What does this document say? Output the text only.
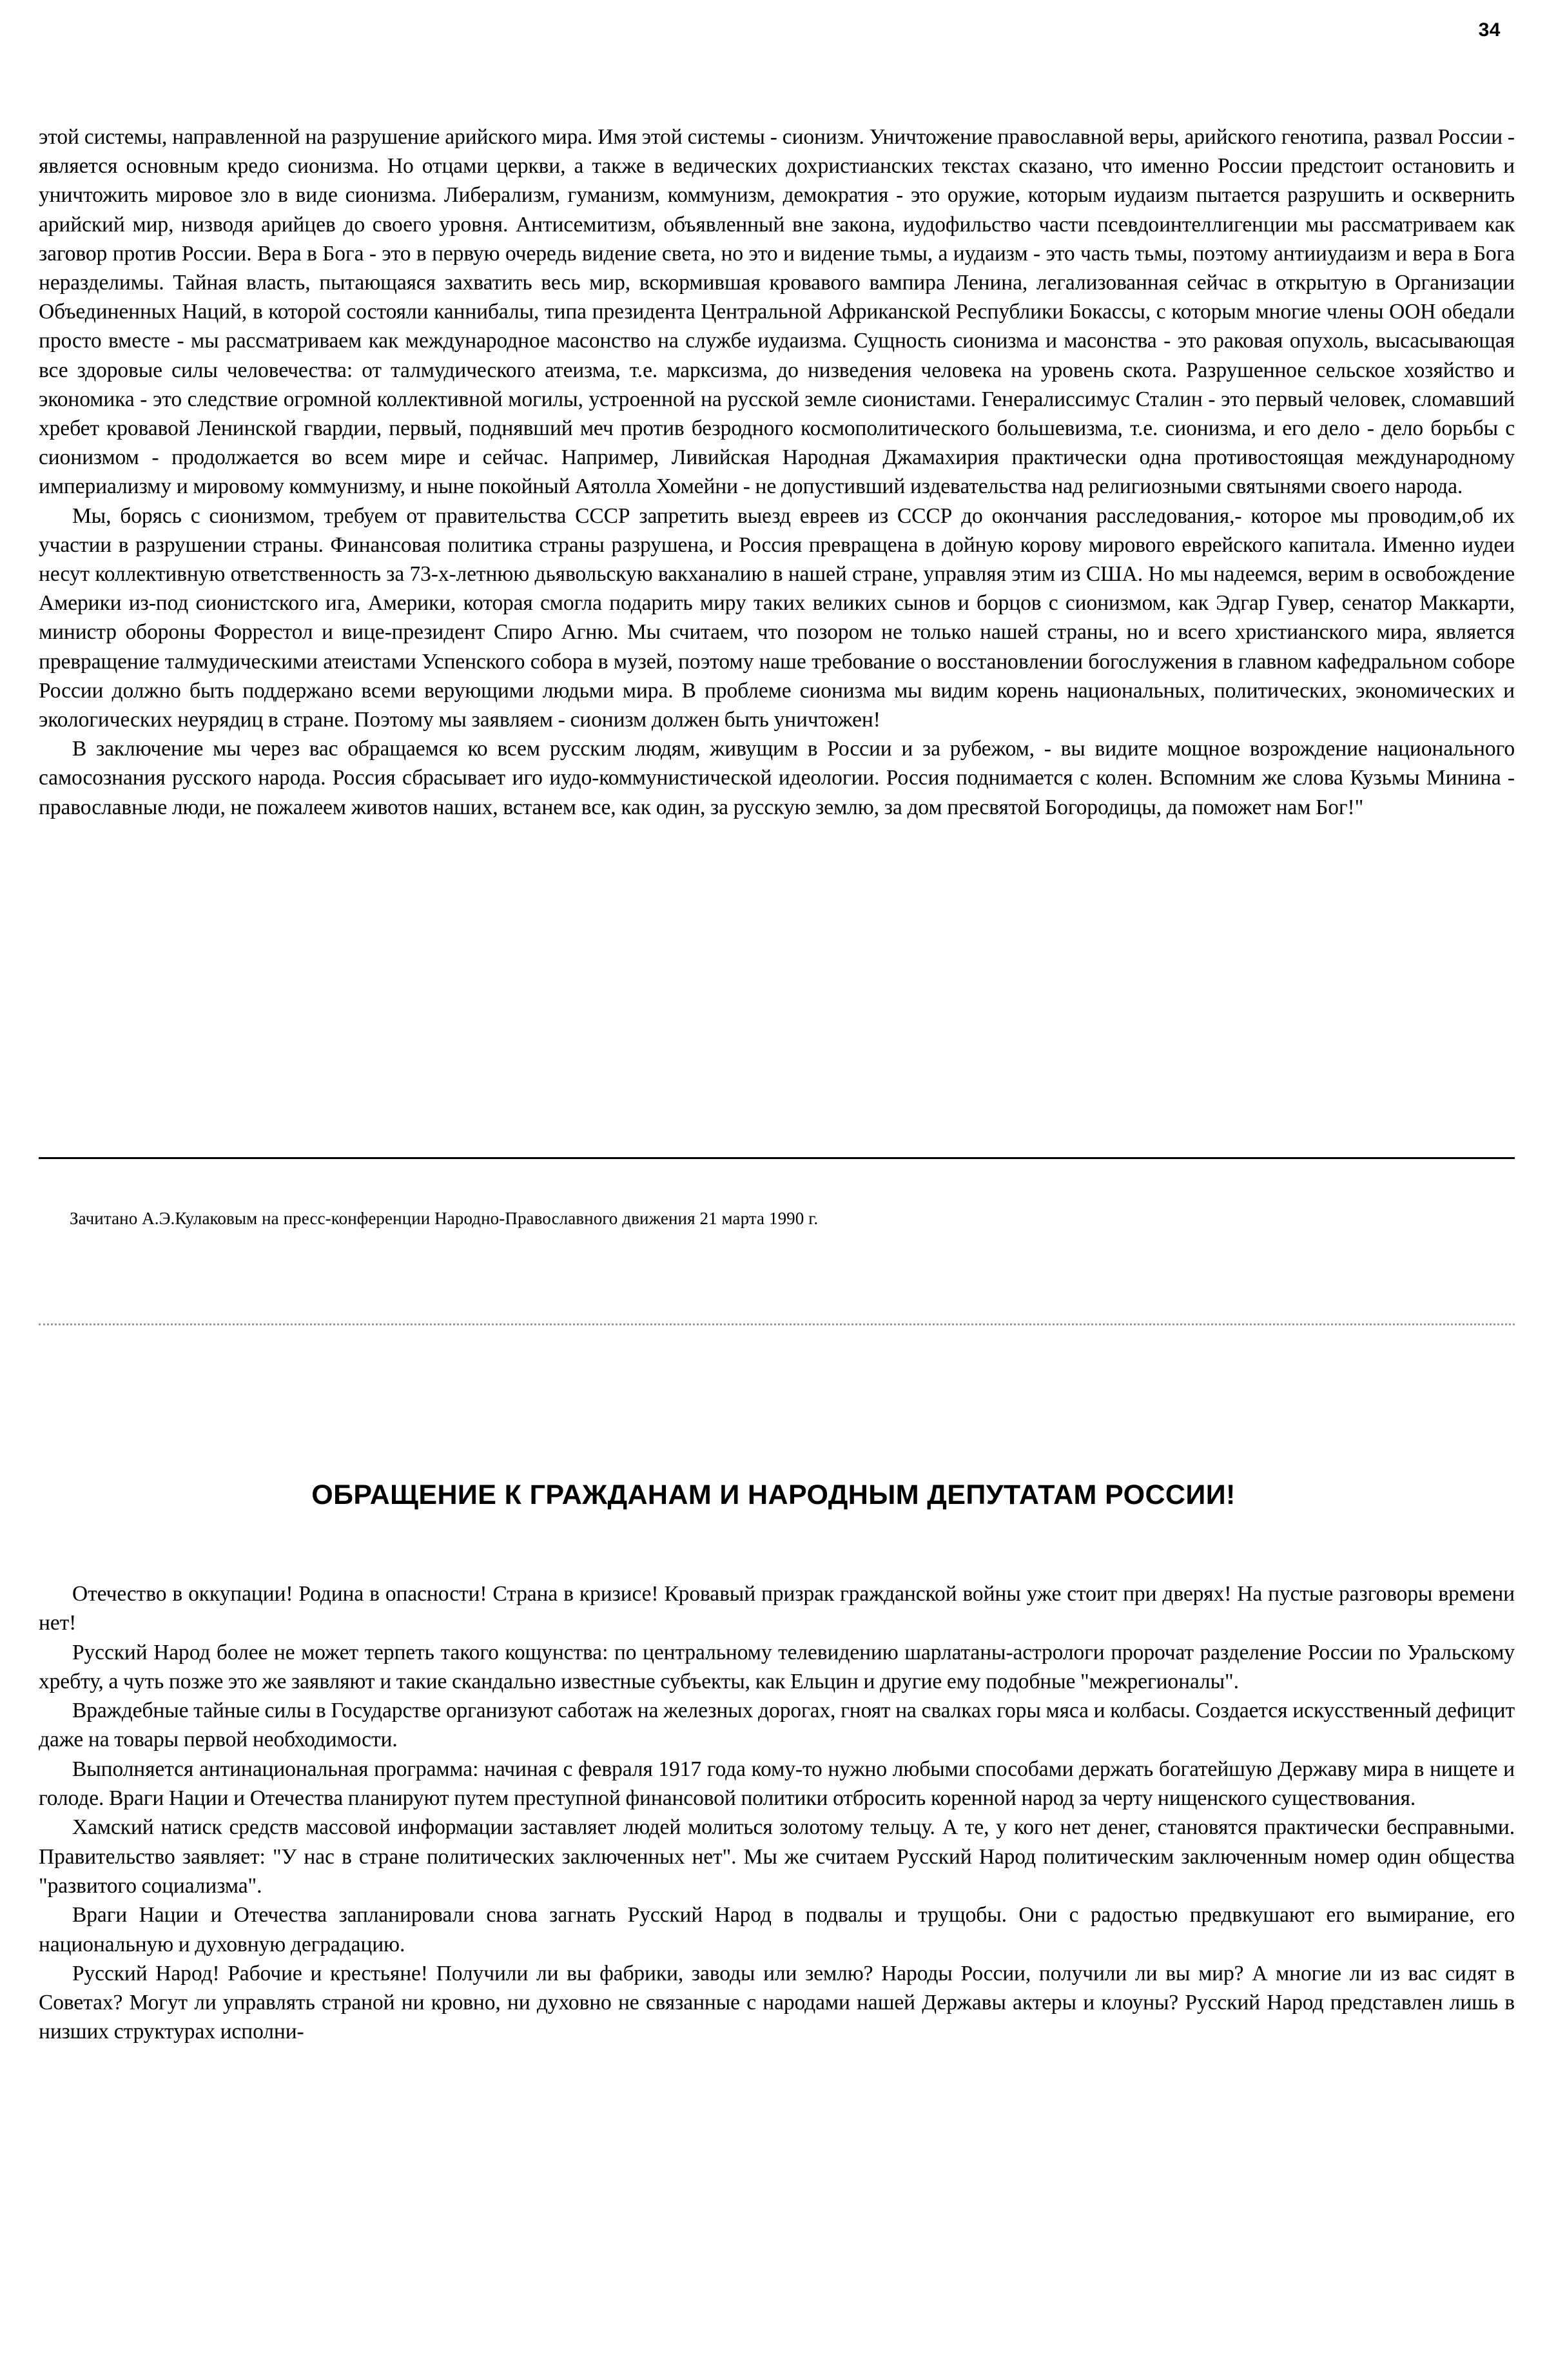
34

этой системы, направленной на разрушение арийского мира. Имя этой системы - сионизм. Уничтожение православной веры, арийского генотипа, развал России - является основным кредо сионизма. Но отцами церкви, а также в ведических дохристианских текстах сказано, что именно России предстоит остановить и уничтожить мировое зло в виде сионизма. Либерализм, гуманизм, коммунизм, демократия - это оружие, которым иудаизм пытается разрушить и осквернить арийский мир, низводя арийцев до своего уровня. Антисемитизм, объявленный вне закона, иудофильство части псевдоинтеллигенции мы рассматриваем как заговор против России. Вера в Бога - это в первую очередь видение света, но это и видение тьмы, а иудаизм - это часть тьмы, поэтому антииудаизм и вера в Бога неразделимы. Тайная власть, пытающаяся захватить весь мир, вскормившая кровавого вампира Ленина, легализованная сейчас в открытую в Организации Объединенных Наций, в которой состояли каннибалы, типа президента Центральной Африканской Республики Бокассы, с которым многие члены ООН обедали просто вместе - мы рассматриваем как международное масонство на службе иудаизма. Сущность сионизма и масонства - это раковая опухоль, высасывающая все здоровые силы человечества: от талмудического атеизма, т.е. марксизма, до низведения человека на уровень скота. Разрушенное сельское хозяйство и экономика - это следствие огромной коллективной могилы, устроенной на русской земле сионистами. Генералиссимус Сталин - это первый человек, сломавший хребет кровавой Ленинской гвардии, первый, поднявший меч против безродного космополитического большевизма, т.е. сионизма, и его дело - дело борьбы с сионизмом - продолжается во всем мире и сейчас. Например, Ливийская Народная Джамахирия практически одна противостоящая международному империализму и мировому коммунизму, и ныне покойный Аятолла Хомейни - не допустивший издевательства над религиозными святынями своего народа.

Мы, борясь с сионизмом, требуем от правительства СССР запретить выезд евреев из СССР до окончания расследования,- которое мы проводим,об их участии в разрушении страны. Финансовая политика страны разрушена, и Россия превращена в дойную корову мирового еврейского капитала. Именно иудеи несут коллективную ответственность за 73-х-летнюю дьявольскую вакханалию в нашей стране, управляя этим из США. Но мы надеемся, верим в освобождение Америки из-под сионистского ига, Америки, которая смогла подарить миру таких великих сынов и борцов с сионизмом, как Эдгар Гувер, сенатор Маккарти, министр обороны Форрестол и вице-президент Спиро Агню. Мы считаем, что позором не только нашей страны, но и всего христианского мира, является превращение талмудическими атеистами Успенского собора в музей, поэтому наше требование о восстановлении богослужения в главном кафедральном соборе России должно быть поддержано всеми верующими людьми мира. В проблеме сионизма мы видим корень национальных, политических, экономических и экологических неурядиц в стране. Поэтому мы заявляем - сионизм должен быть уничтожен!

В заключение мы через вас обращаемся ко всем русским людям, живущим в России и за рубежом, - вы видите мощное возрождение национального самосознания русского народа. Россия сбрасывает иго иудо-коммунистической идеологии. Россия поднимается с колен. Вспомним же слова Кузьмы Минина - православные люди, не пожалеем животов наших, встанем все, как один, за русскую землю, за дом пресвятой Богородицы, да поможет нам Бог!"

Зачитано А.Э.Кулаковым на пресс-конференции Народно-Православного движения 21 марта 1990 г.
ОБРАЩЕНИЕ К ГРАЖДАНАМ И НАРОДНЫМ ДЕПУТАТАМ РОССИИ!

Отечество в оккупации! Родина в опасности! Страна в кризисе! Кровавый призрак гражданской войны уже стоит при дверях! На пустые разговоры времени нет!

Русский Народ более не может терпеть такого кощунства: по центральному телевидению шарлатаны-астрологи пророчат разделение России по Уральскому хребту, а чуть позже это же заявляют и такие скандально известные субъекты, как Ельцин и другие ему подобные "межрегионалы".

Враждебные тайные силы в Государстве организуют саботаж на железных дорогах, гноят на свалках горы мяса и колбасы. Создается искусственный дефицит даже на товары первой необходимости.

Выполняется антинациональная программа: начиная с февраля 1917 года кому-то нужно любыми способами держать богатейшую Державу мира в нищете и голоде. Враги Нации и Отечества планируют путем преступной финансовой политики отбросить коренной народ за черту нищенского существования.

Хамский натиск средств массовой информации заставляет людей молиться золотому тельцу. А те, у кого нет денег, становятся практически бесправными. Правительство заявляет: "У нас в стране политических заключенных нет". Мы же считаем Русский Народ политическим заключенным номер один общества "развитого социализма".

Враги Нации и Отечества запланировали снова загнать Русский Народ в подвалы и трущобы. Они с радостью предвкушают его вымирание, его национальную и духовную деградацию.

Русский Народ! Рабочие и крестьяне! Получили ли вы фабрики, заводы или землю? Народы России, получили ли вы мир? А многие ли из вас сидят в Советах? Могут ли управлять страной ни кровно, ни духовно не связанные с народами нашей Державы актеры и клоуны? Русский Народ представлен лишь в низших структурах исполни-
